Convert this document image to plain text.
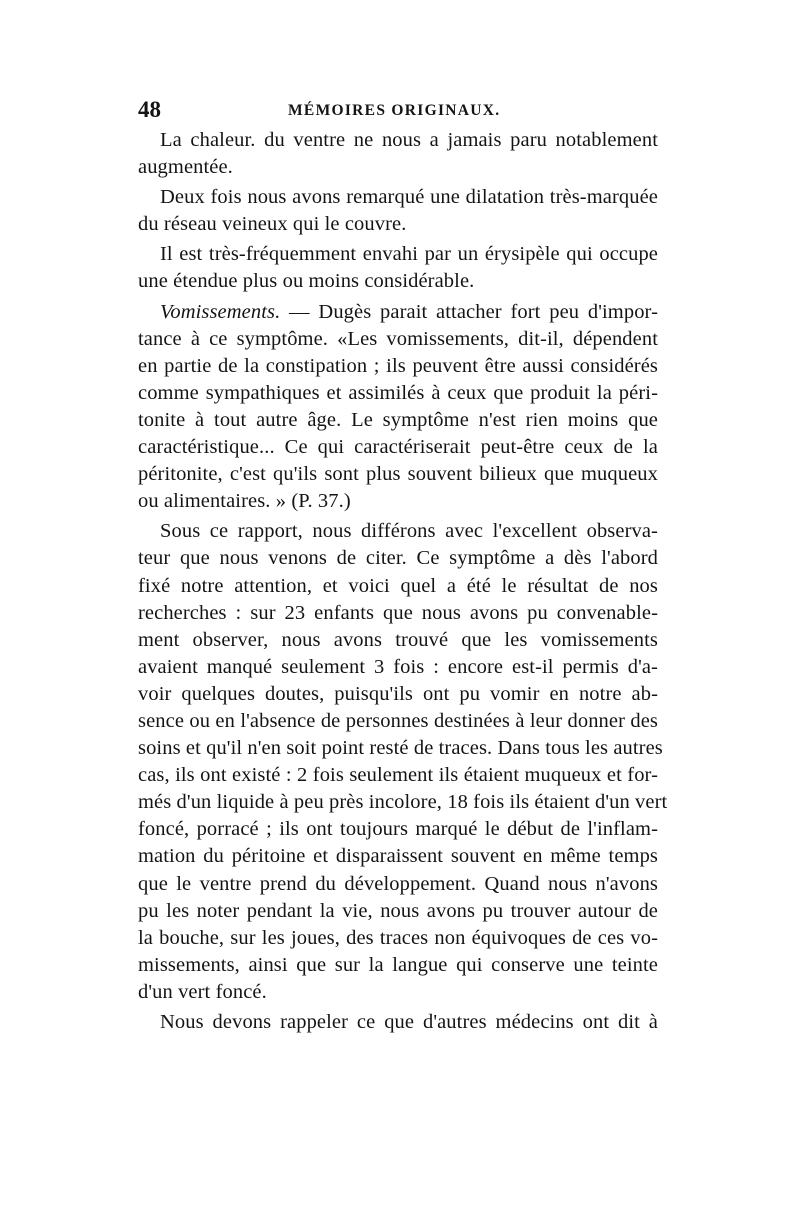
48	MÉMOIRES ORIGINAUX.
La chaleur. du ventre ne nous a jamais paru notablement
augmentée.
Deux fois nous avons remarqué une dilatation très-marquée
du réseau veineux qui le couvre.
Il est très-fréquemment envahi par un érysipèle qui occupe
une étendue plus ou moins considérable.
Vomissements. — Dugès parait attacher fort peu d'impor-
tance à ce symptôme. «Les vomissements, dit-il, dépendent
en partie de la constipation ; ils peuvent être aussi considérés
comme sympathiques et assimilés à ceux que produit la péri-
tonite à tout autre âge. Le symptôme n'est rien moins que
caractéristique... Ce qui caractériserait peut-être ceux de la
péritonite, c'est qu'ils sont plus souvent bilieux que muqueux
ou alimentaires. » (P. 37.)
Sous ce rapport, nous différons avec l'excellent observa-
teur que nous venons de citer. Ce symptôme a dès l'abord
fixé notre attention, et voici quel a été le résultat de nos
recherches : sur 23 enfants que nous avons pu convenable-
ment observer, nous avons trouvé que les vomissements
avaient manqué seulement 3 fois : encore est-il permis d'a-
voir quelques doutes, puisqu'ils ont pu vomir en notre ab-
sence ou en l'absence de personnes destinées à leur donner des
soins et qu'il n'en soit point resté de traces. Dans tous les autres
cas, ils ont existé : 2 fois seulement ils étaient muqueux et for-
més d'un liquide à peu près incolore, 18 fois ils étaient d'un vert
foncé, porracé ; ils ont toujours marqué le début de l'inflam-
mation du péritoine et disparaissent souvent en même temps
que le ventre prend du développement. Quand nous n'avons
pu les noter pendant la vie, nous avons pu trouver autour de
la bouche, sur les joues, des traces non équivoques de ces vo-
missements, ainsi que sur la langue qui conserve une teinte
d'un vert foncé.
Nous devons rappeler ce que d'autres médecins ont dit à
